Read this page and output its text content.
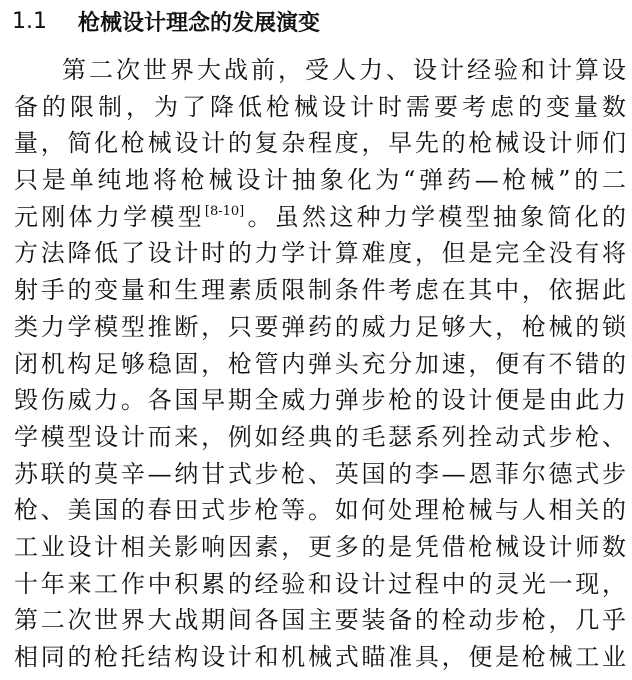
1.1	枪械设计理念的发展演变
第二次世界大战前，受人力、设计经验和计算设
备的限制，为了降低枪械设计时需要考虑的变量数
量，简化枪械设计的复杂程度，早先的枪械设计师们
只是单纯地将枪械设计抽象化为“弹药—枪械”的二
元刚体力学模型[8-10]。虽然这种力学模型抽象简化的
方法降低了设计时的力学计算难度，但是完全没有将
射手的变量和生理素质限制条件考虑在其中，依据此
类力学模型推断，只要弹药的威力足够大，枪械的锁
闭机构足够稳固，枪管内弹头充分加速，便有不错的
毁伤威力。各国早期全威力弹步枪的设计便是由此力
学模型设计而来，例如经典的毛瑟系列拴动式步枪、
苏联的莫辛—纳甘式步枪、英国的李—恩菲尔德式步
枪、美国的春田式步枪等。如何处理枪械与人相关的
工业设计相关影响因素，更多的是凭借枪械设计师数
十年来工作中积累的经验和设计过程中的灵光一现，
第二次世界大战期间各国主要装备的栓动步枪，几乎
相同的枪托结构设计和机械式瞄准具，便是枪械工业
